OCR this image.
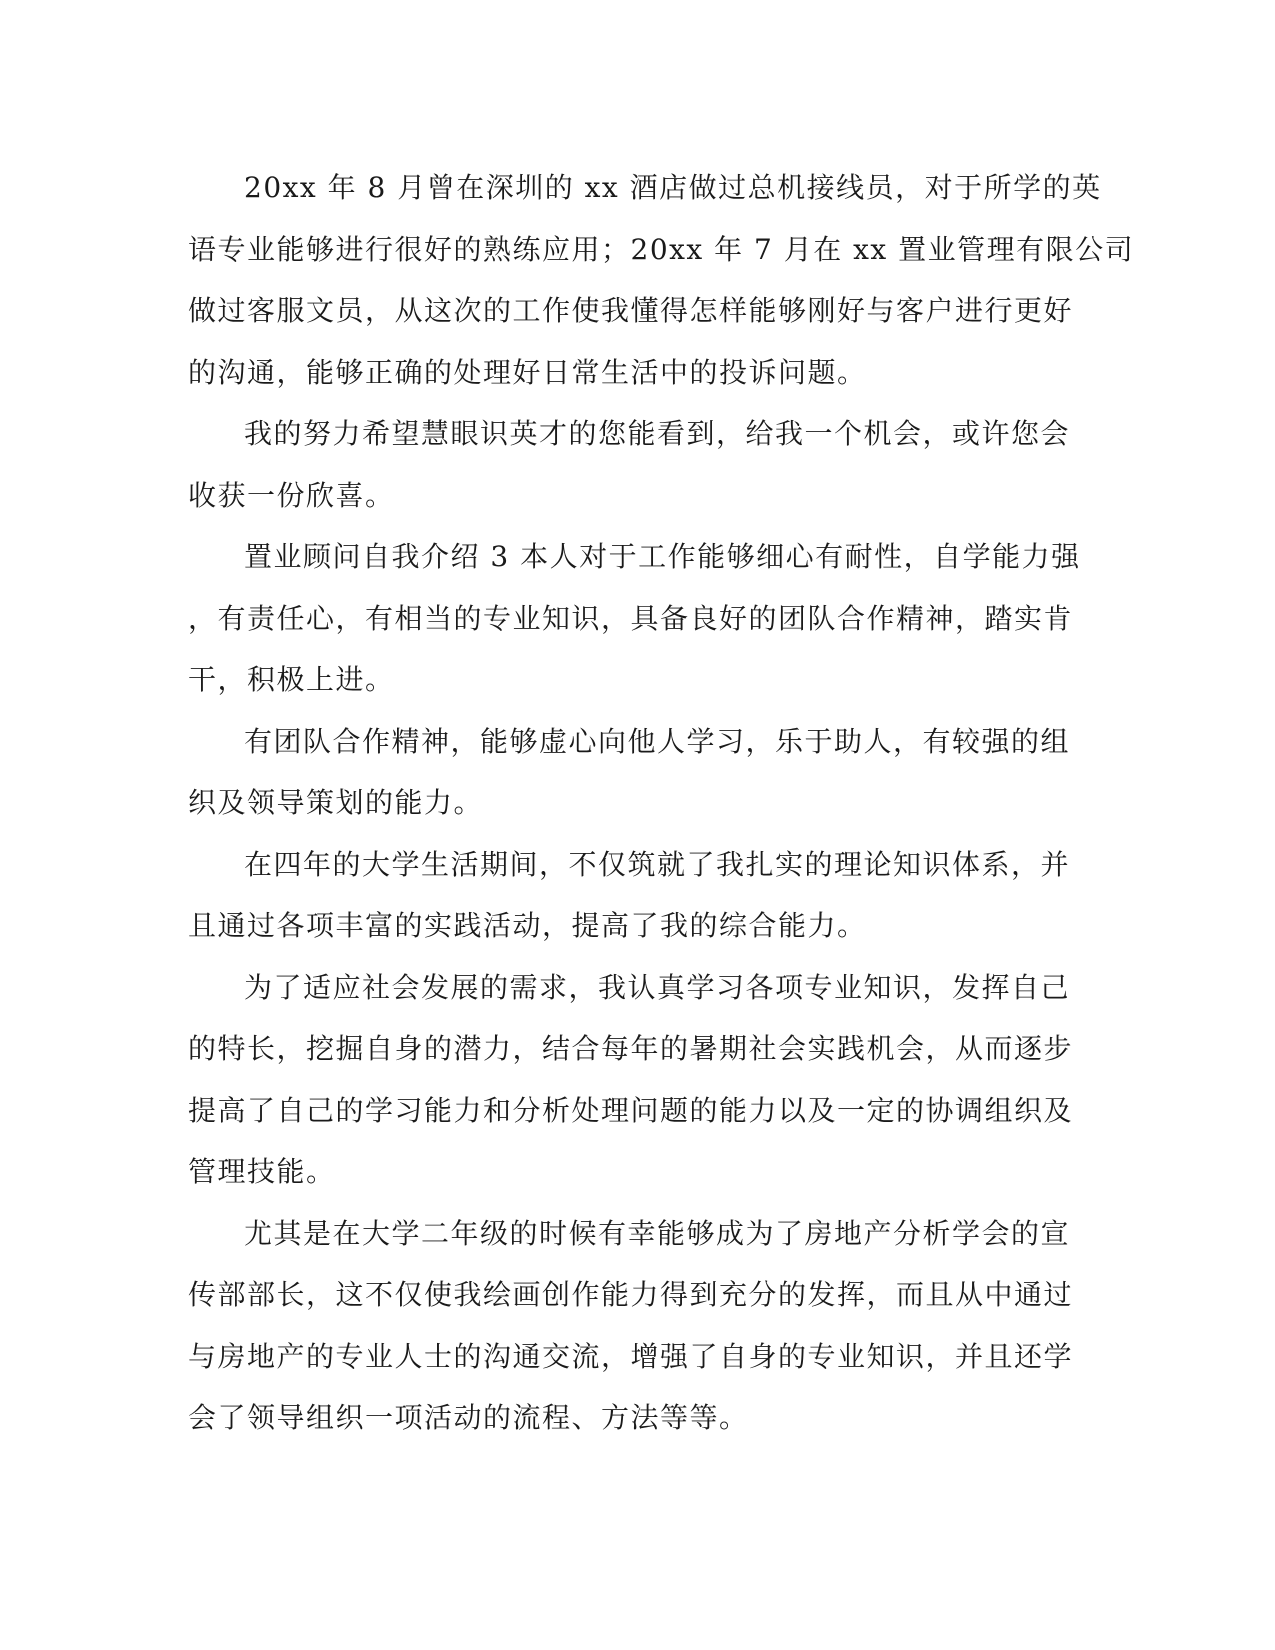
20xx 年 8 月曾在深圳的 xx 酒店做过总机接线员，对于所学的英
语专业能够进行很好的熟练应用；20xx 年 7 月在 xx 置业管理有限公司
做过客服文员，从这次的工作使我懂得怎样能够刚好与客户进行更好
的沟通，能够正确的处理好日常生活中的投诉问题。

我的努力希望慧眼识英才的您能看到，给我一个机会，或许您会
收获一份欣喜。

置业顾问自我介绍 3 本人对于工作能够细心有耐性，自学能力强
，有责任心，有相当的专业知识，具备良好的团队合作精神，踏实肯
干，积极上进。

有团队合作精神，能够虚心向他人学习，乐于助人，有较强的组
织及领导策划的能力。

在四年的大学生活期间，不仅筑就了我扎实的理论知识体系，并
且通过各项丰富的实践活动，提高了我的综合能力。

为了适应社会发展的需求，我认真学习各项专业知识，发挥自己
的特长，挖掘自身的潜力，结合每年的暑期社会实践机会，从而逐步
提高了自己的学习能力和分析处理问题的能力以及一定的协调组织及
管理技能。

尤其是在大学二年级的时候有幸能够成为了房地产分析学会的宣
传部部长，这不仅使我绘画创作能力得到充分的发挥，而且从中通过
与房地产的专业人士的沟通交流，增强了自身的专业知识，并且还学
会了领导组织一项活动的流程、方法等等。
